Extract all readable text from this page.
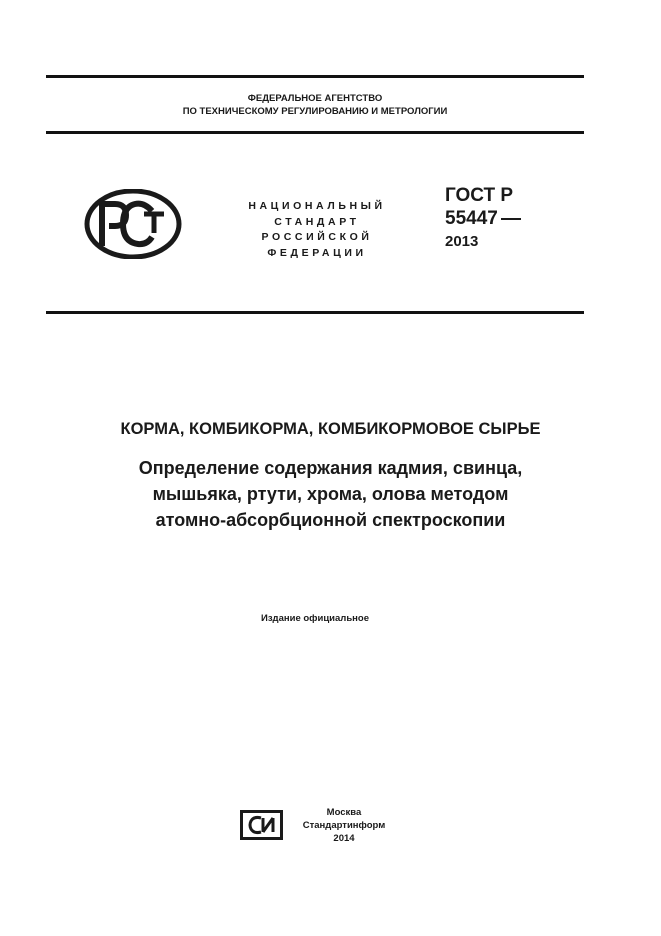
ФЕДЕРАЛЬНОЕ АГЕНТСТВО
ПО ТЕХНИЧЕСКОМУ РЕГУЛИРОВАНИЮ И МЕТРОЛОГИИ
НАЦИОНАЛЬНЫЙ
СТАНДАРТ
РОССИЙСКОЙ
ФЕДЕРАЦИИ
ГОСТ Р
55447
2013
КОРМА, КОМБИКОРМА, КОМБИКОРМОВОЕ СЫРЬЕ
Определение содержания кадмия, свинца,
мышьяка, ртути, хрома, олова методом
атомно-абсорбционной спектроскопии
Издание официальное
Москва
Стандартинформ
2014
